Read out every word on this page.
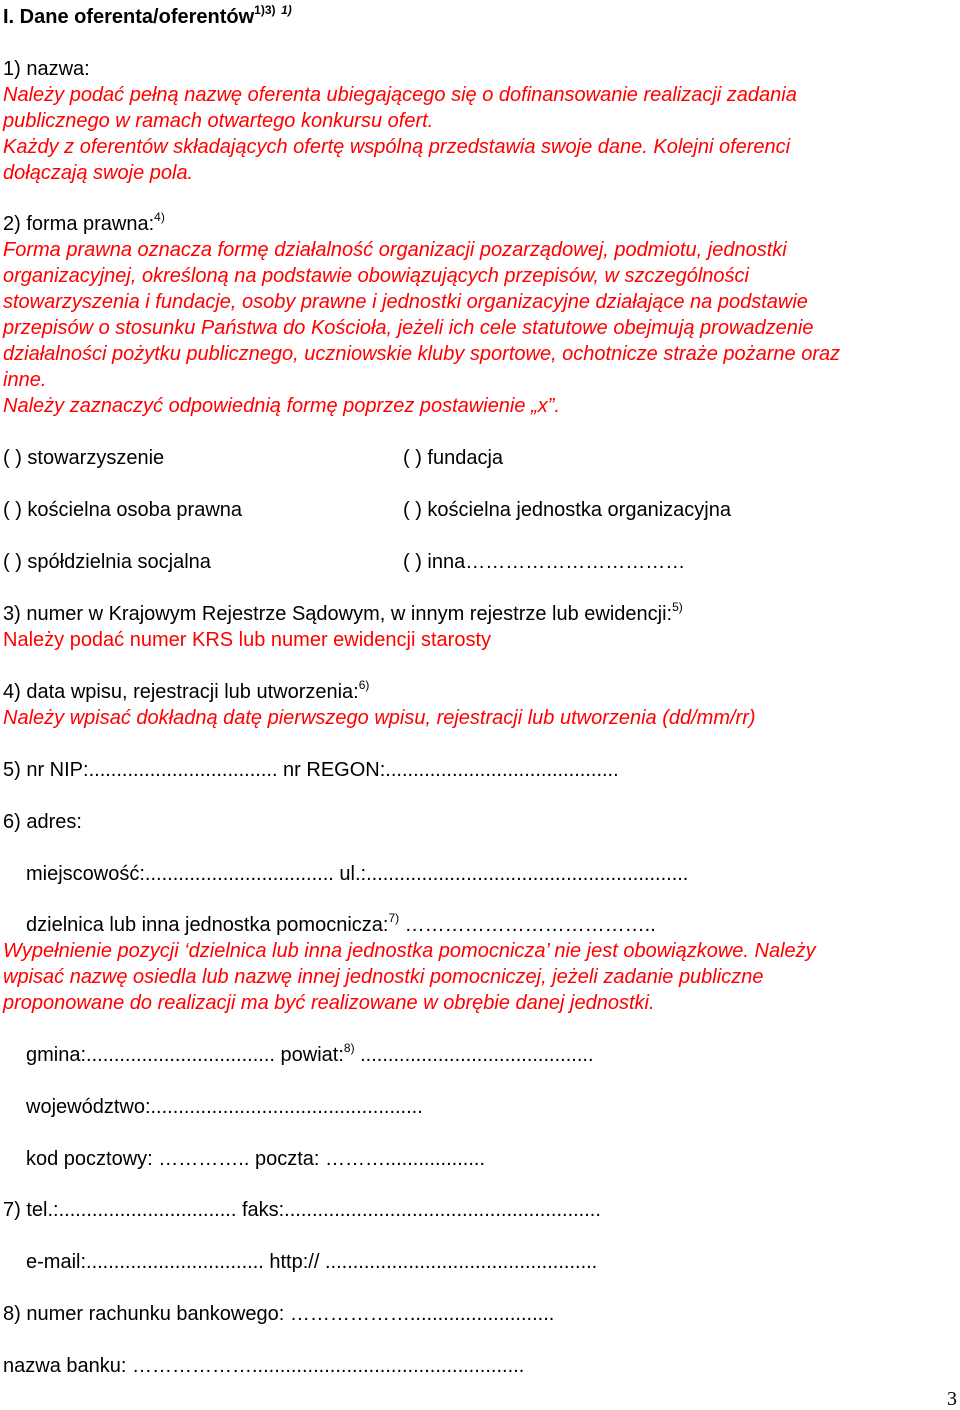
I. Dane oferenta/oferentów$^{1)3)}$ $^{1)}$

1) nazwa:

Należy podać pełną nazwę oferenta ubiegającego się o dofinansowanie realizacji zadania

publicznego w ramach otwartego konkursu ofert.

Każdy z oferentów składających ofertę wspólną przedstawia swoje dane. Kolejni oferenci

dołączają swoje pola.

2) forma prawna:$^{4)}$

Forma prawna oznacza formę działalność organizacji pozarządowej, podmiotu, jednostki

organizacyjnej, określoną na podstawie obowiązujących przepisów, w szczególności

stowarzyszenia i fundacje, osoby prawne i jednostki organizacyjne działające na podstawie

przepisów o stosunku Państwa do Kościoła, jeżeli ich cele statutowe obejmują prowadzenie

działalności pożytku publicznego, uczniowskie kluby sportowe, ochotnicze straże pożarne oraz

inne.

Należy zaznaczyć odpowiednią formę poprzez postawienie „x”.

( ) stowarzyszenie	( ) fundacja

( ) kościelna osoba prawna	( ) kościelna jednostka organizacyjna

( ) spółdzielnia socjalna	( ) inna……………………………

3) numer w Krajowym Rejestrze Sądowym, w innym rejestrze lub ewidencji:$^{5)}$

Należy podać numer KRS lub numer ewidencji starosty

4) data wpisu, rejestracji lub utworzenia:$^{6)}$

Należy wpisać dokładną datę pierwszego wpisu, rejestracji lub utworzenia (dd/mm/rr)

5) nr NIP:.................................. nr REGON:..........................................

6) adres:

miejscowość:.................................. ul.:..........................................................

dzielnica lub inna jednostka pomocnicza:$^{7)}$ ………………………………..

Wypełnienie pozycji ‘dzielnica lub inna jednostka pomocnicza’ nie jest obowiązkowe. Należy

wpisać nazwę osiedla lub nazwę innej jednostki pomocniczej, jeżeli zadanie publiczne

proponowane do realizacji ma być realizowane w obrębie danej jednostki.

gmina:.................................. powiat:$^{8)}$ ..........................................

województwo:.................................................

kod pocztowy: ………….. poczta: ………..................

7) tel.:................................ faks:.........................................................

e-mail:................................ http:// .................................................

8) numer rachunku bankowego: ………………..........................

nazwa banku: ……………….................................................

3
